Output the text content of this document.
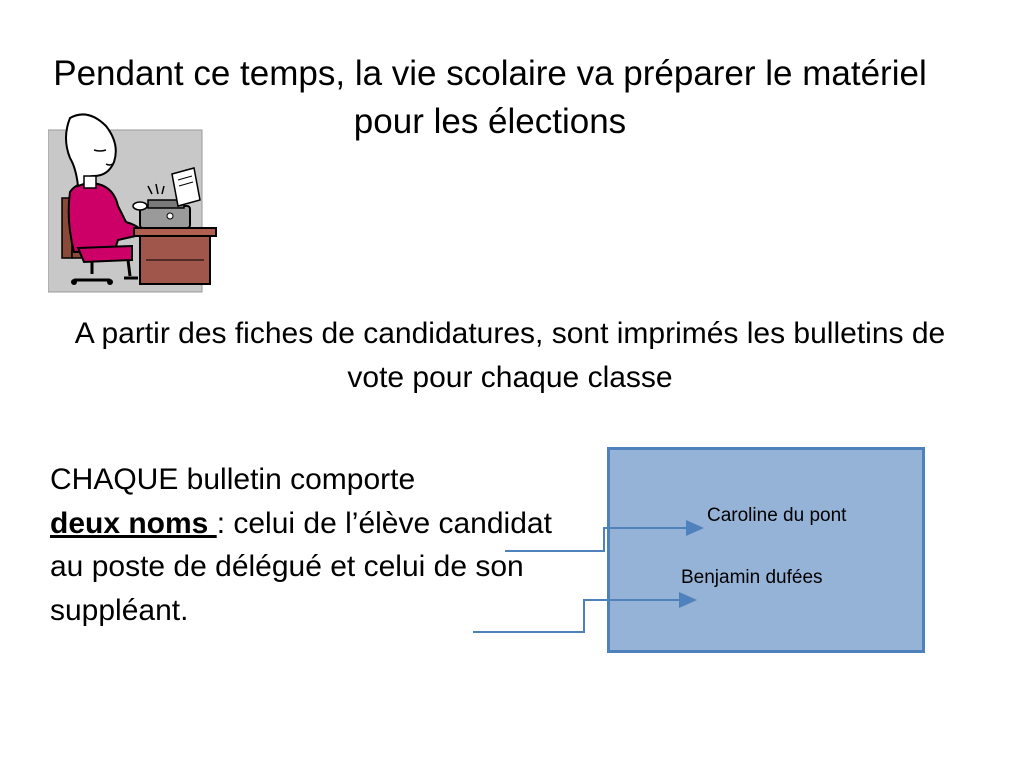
Pendant ce temps, la vie scolaire va préparer le matériel pour les élections
A partir des fiches de candidatures, sont imprimés les bulletins de vote pour chaque classe
CHAQUE bulletin comporte
deux noms : celui de l’élève candidat au poste de délégué et celui de son suppléant.
Caroline du pont
Benjamin dufées
